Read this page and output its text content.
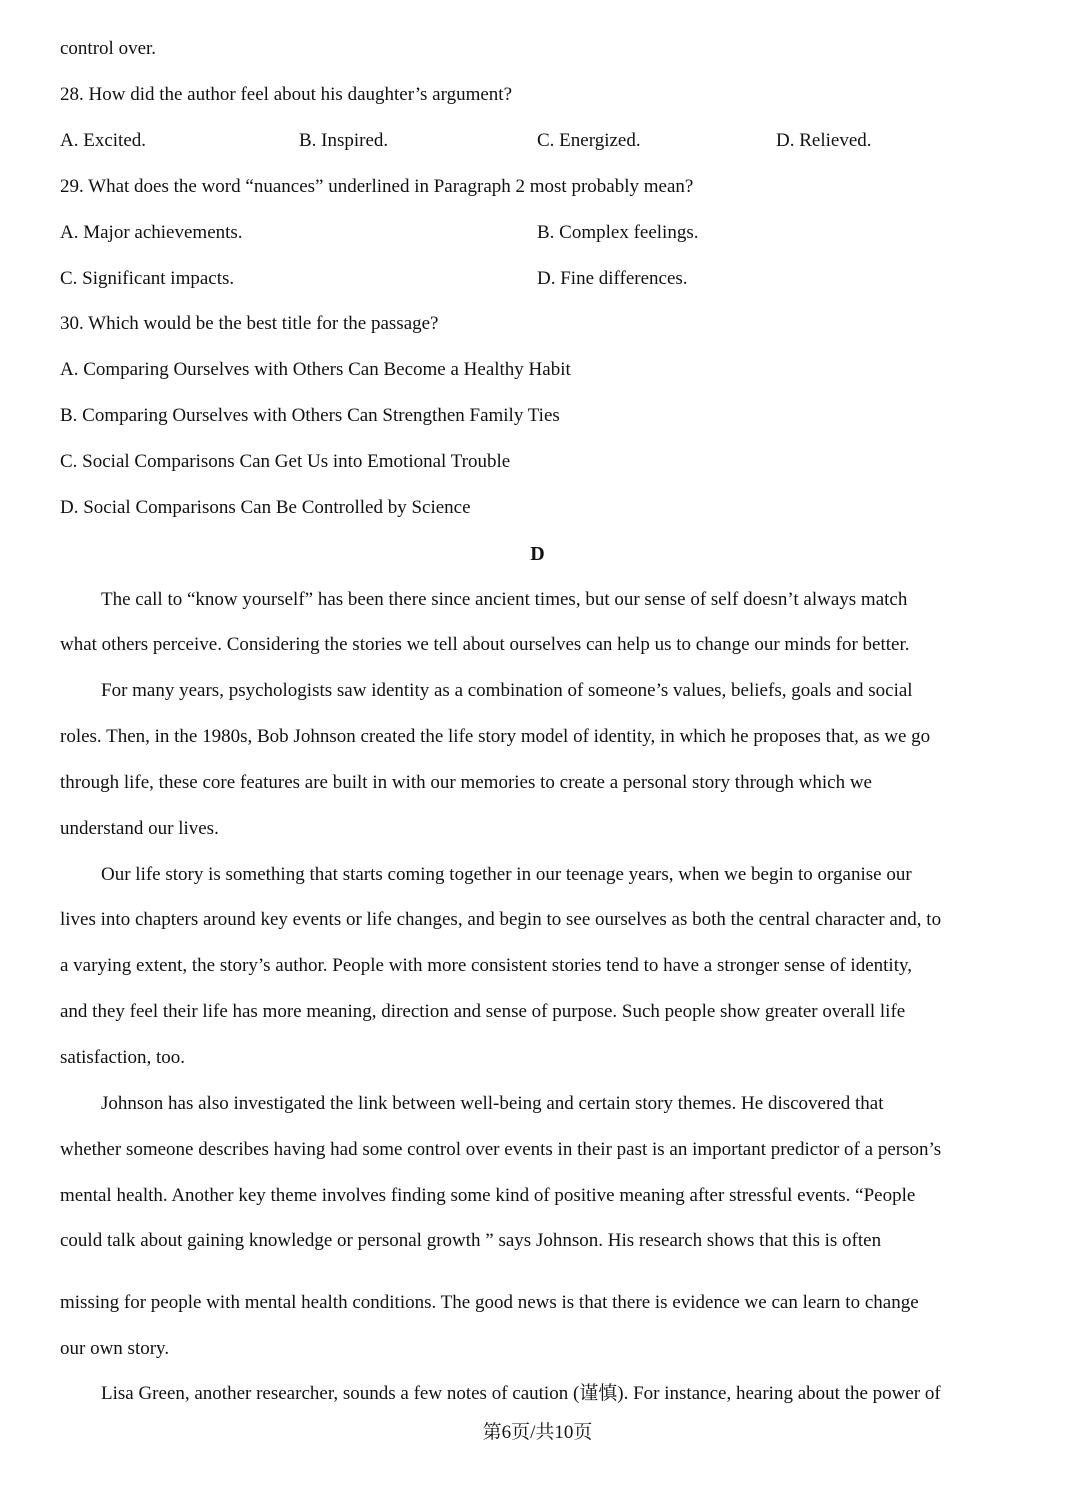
control over.
28. How did the author feel about his daughter’s argument?
A. Excited.	B. Inspired.	C. Energized.	D. Relieved.
29. What does the word “nuances” underlined in Paragraph 2 most probably mean?
A. Major achievements.	B. Complex feelings.
C. Significant impacts.	D. Fine differences.
30. Which would be the best title for the passage?
A. Comparing Ourselves with Others Can Become a Healthy Habit
B. Comparing Ourselves with Others Can Strengthen Family Ties
C. Social Comparisons Can Get Us into Emotional Trouble
D. Social Comparisons Can Be Controlled by Science
D
The call to “know yourself” has been there since ancient times, but our sense of self doesn’t always match
what others perceive. Considering the stories we tell about ourselves can help us to change our minds for better.
For many years, psychologists saw identity as a combination of someone’s values, beliefs, goals and social
roles. Then, in the 1980s, Bob Johnson created the life story model of identity, in which he proposes that, as we go
through life, these core features are built in with our memories to create a personal story through which we
understand our lives.
Our life story is something that starts coming together in our teenage years, when we begin to organise our
lives into chapters around key events or life changes, and begin to see ourselves as both the central character and, to
a varying extent, the story’s author. People with more consistent stories tend to have a stronger sense of identity,
and they feel their life has more meaning, direction and sense of purpose. Such people show greater overall life
satisfaction, too.
Johnson has also investigated the link between well-being and certain story themes. He discovered that
whether someone describes having had some control over events in their past is an important predictor of a person’s
mental health. Another key theme involves finding some kind of positive meaning after stressful events. “People
could talk about gaining knowledge or personal growth ” says Johnson. His research shows that this is often
missing for people with mental health conditions. The good news is that there is evidence we can learn to change
our own story.
Lisa Green, another researcher, sounds a few notes of caution (谨慎). For instance, hearing about the power of
第6页/共10页
